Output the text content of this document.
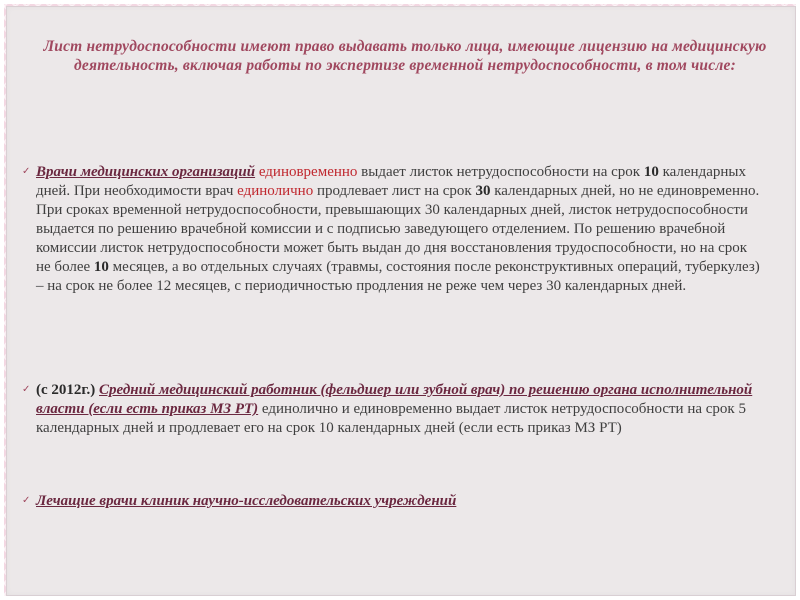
Лист нетрудоспособности имеют право выдавать только лица, имеющие лицензию на медицинскую деятельность, включая работы по экспертизе временной нетрудоспособности, в том числе:
✓ Врачи медицинских организаций единовременно выдает листок нетрудоспособности на срок 10 календарных дней. При необходимости врач единолично продлевает лист на срок 30 календарных дней, но не единовременно. При сроках временной нетрудоспособности, превышающих 30 календарных дней, листок нетрудоспособности выдается по решению врачебной комиссии и с подписью заведующего отделением. По решению врачебной комиссии листок нетрудоспособности может быть выдан до дня восстановления трудоспособности, но на срок не более 10 месяцев, а во отдельных случаях (травмы, состояния после реконструктивных операций, туберкулез) – на срок не более 12 месяцев, с периодичностью продления не реже чем через 30 календарных дней.
✓ (с 2012г.) Средний медицинский работник (фельдшер или зубной врач) по решению органа исполнительной власти (если есть приказ МЗ РТ) единолично и единовременно выдает листок нетрудоспособности на срок 5 календарных дней и продлевает его на срок 10 календарных дней (если есть приказ МЗ РТ)
✓ Лечащие врачи клиник научно-исследовательских учреждений
